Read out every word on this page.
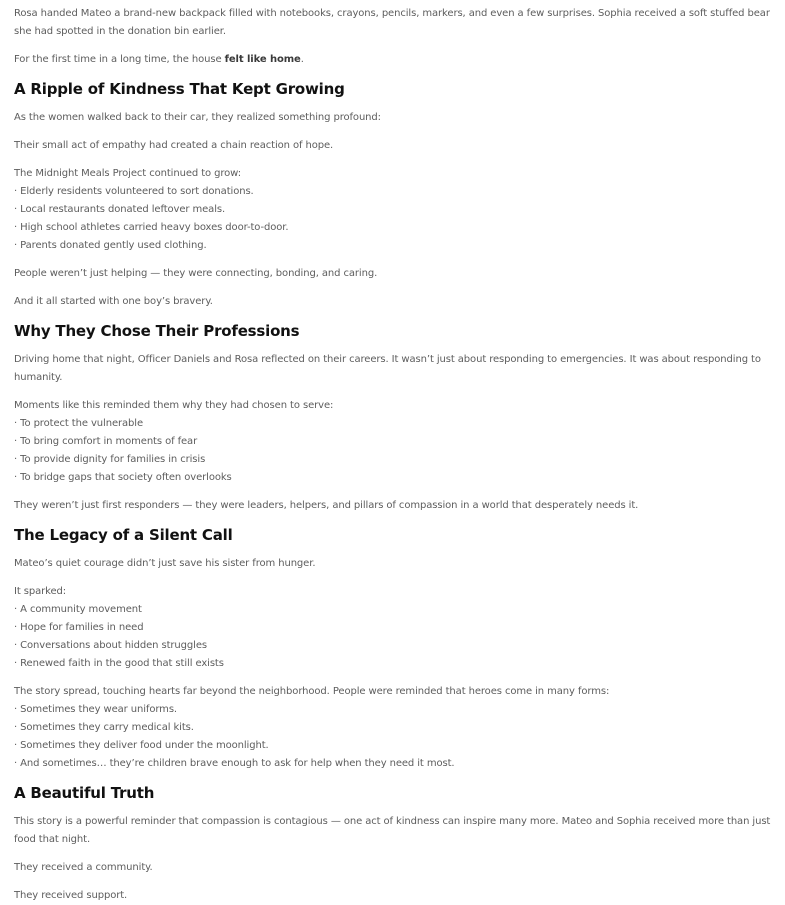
Rosa handed Mateo a brand-new backpack filled with notebooks, crayons, pencils, markers, and even a few surprises. Sophia received a soft stuffed bear she had spotted in the donation bin earlier.

For the first time in a long time, the house felt like home.

A Ripple of Kindness That Kept Growing

As the women walked back to their car, they realized something profound:

Their small act of empathy had created a chain reaction of hope.

The Midnight Meals Project continued to grow:
· Elderly residents volunteered to sort donations.
· Local restaurants donated leftover meals.
· High school athletes carried heavy boxes door-to-door.
· Parents donated gently used clothing.

People weren’t just helping — they were connecting, bonding, and caring.

And it all started with one boy’s bravery.

Why They Chose Their Professions

Driving home that night, Officer Daniels and Rosa reflected on their careers. It wasn’t just about responding to emergencies. It was about responding to humanity.

Moments like this reminded them why they had chosen to serve:
· To protect the vulnerable
· To bring comfort in moments of fear
· To provide dignity for families in crisis
· To bridge gaps that society often overlooks

They weren’t just first responders — they were leaders, helpers, and pillars of compassion in a world that desperately needs it.

The Legacy of a Silent Call

Mateo’s quiet courage didn’t just save his sister from hunger.

It sparked:
· A community movement
· Hope for families in need
· Conversations about hidden struggles
· Renewed faith in the good that still exists
The story spread, touching hearts far beyond the neighborhood. People were reminded that heroes come in many forms:
· Sometimes they wear uniforms.
· Sometimes they carry medical kits.
· Sometimes they deliver food under the moonlight.
· And sometimes… they’re children brave enough to ask for help when they need it most.
A Beautiful Truth

This story is a powerful reminder that compassion is contagious — one act of kindness can inspire many more. Mateo and Sophia received more than just food that night.

They received a community.

They received support.
